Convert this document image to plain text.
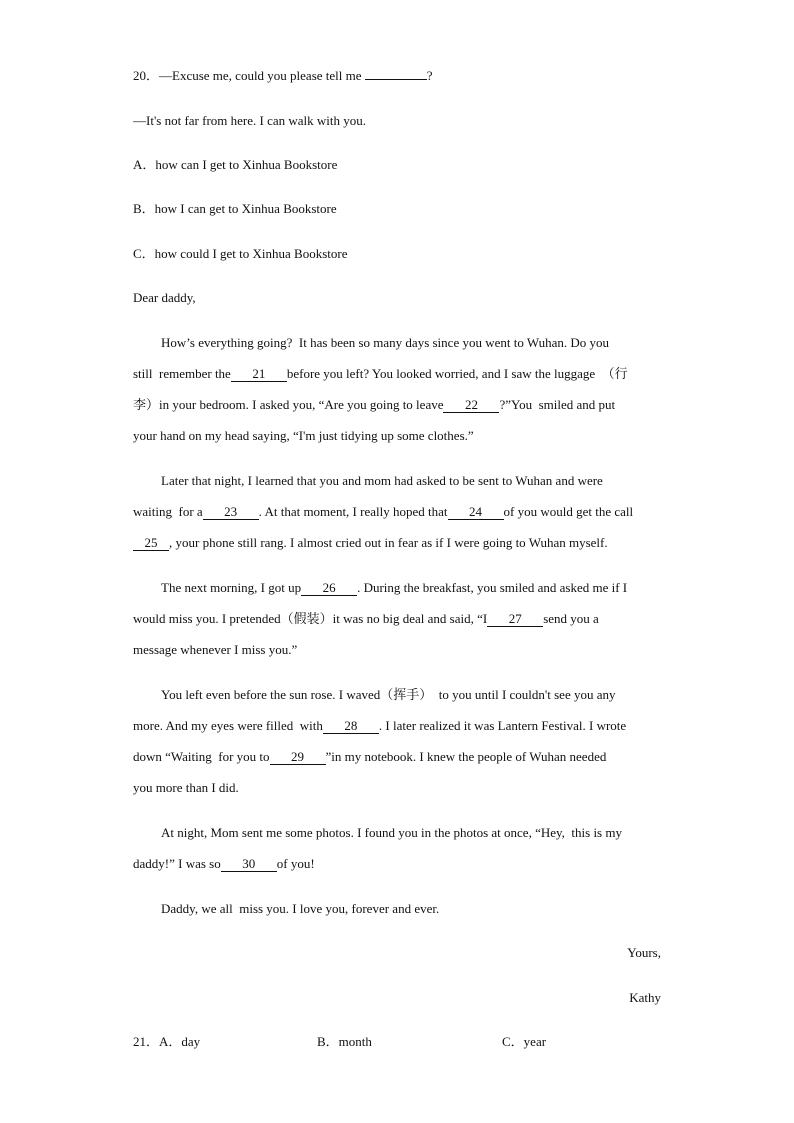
20．—Excuse me, could you please tell me	?
—It's not far from here. I can walk with you.
A．how can I get to Xinhua Bookstore
B．how I can get to Xinhua Bookstore
C．how could I get to Xinhua Bookstore
Dear daddy,
How’s everything going?  It has been so many days since you went to Wuhan. Do you
still  remember the 21 before you left? You looked worried, and I saw the luggage  （行
李）in your bedroom. I asked you, “Are you going to leave 22 ?”You  smiled and put
your hand on my head saying, “I'm just tidying up some clothes.”
Later that night, I learned that you and mom had asked to be sent to Wuhan and were
waiting  for a 23 . At that moment, I really hoped that 24 of you would get the call
25 , your phone still rang. I almost cried out in fear as if I were going to Wuhan myself.
The next morning, I got up 26 . During the breakfast, you smiled and asked me if I
would miss you. I pretended（假装）it was no big deal and said, “I 27 send you a
message whenever I miss you.”
You left even before the sun rose. I waved（挥手）  to you until I couldn't see you any
more. And my eyes were filled  with 28 . I later realized it was Lantern Festival. I wrote
down “Waiting  for you to 29 ”in my notebook. I knew the people of Wuhan needed
you more than I did.
At night, Mom sent me some photos. I found you in the photos at once, “Hey,  this is my
daddy!” I was so 30 of you!
Daddy, we all  miss you. I love you, forever and ever.
Yours,
Kathy
21．A．day	B．month	C．year
